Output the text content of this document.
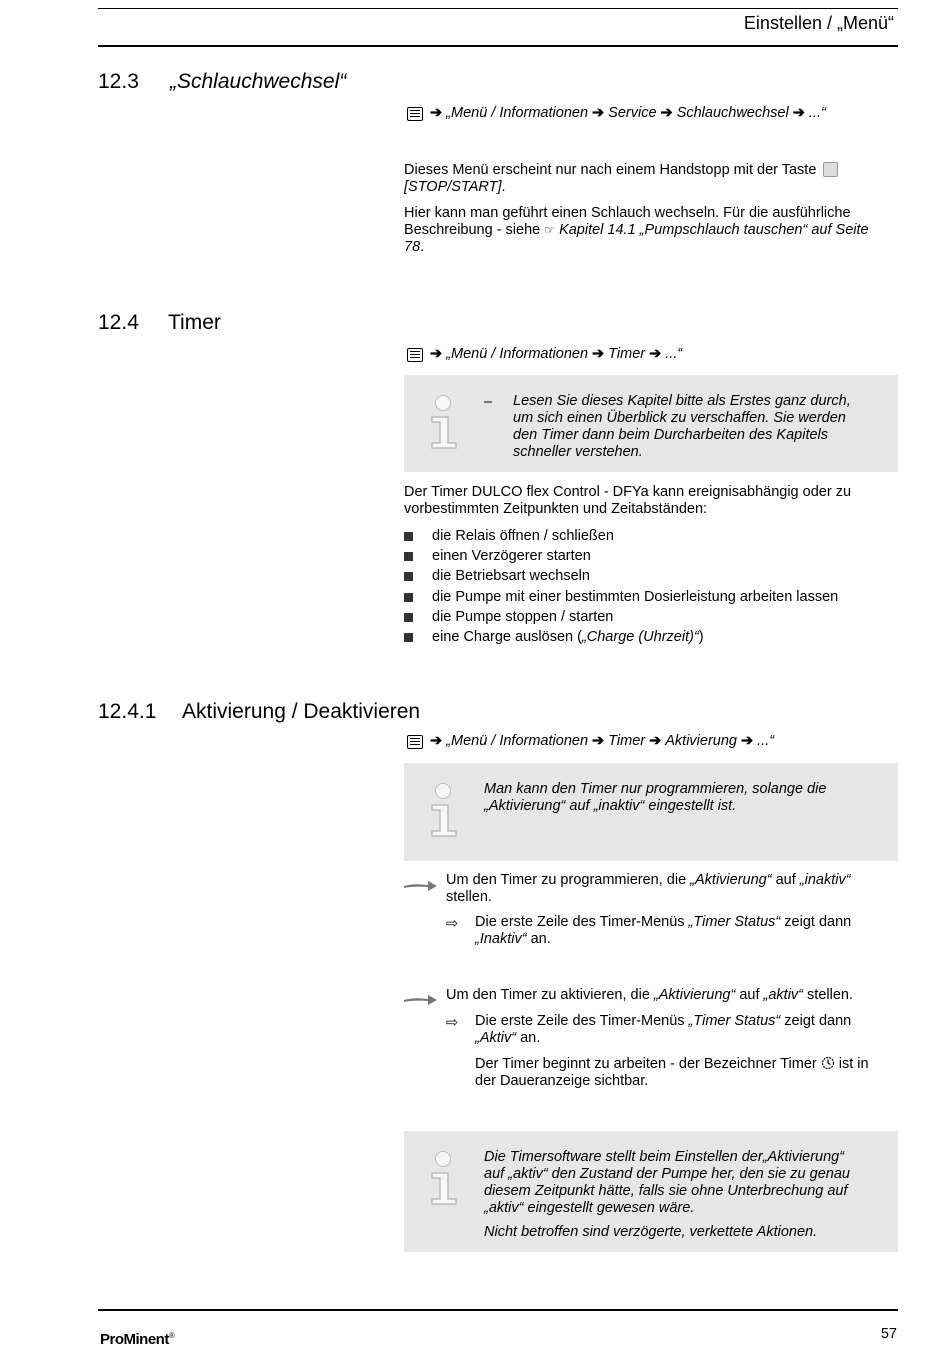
Einstellen / „Menü“
12.3 „Schlauchwechsel“
➔ „Menü / Informationen ➔ Service ➔ Schlauchwechsel ➔ ...“
Dieses Menü erscheint nur nach einem Handstopp mit der Taste
[STOP/START].
Hier kann man geführt einen Schlauch wechseln. Für die ausführliche Beschreibung - siehe ☞ Kapitel 14.1 „Pumpschlauch tauschen“ auf Seite 78.
12.4 Timer
➔ „Menü / Informationen ➔ Timer ➔ ...“
– Lesen Sie dieses Kapitel bitte als Erstes ganz durch, um sich einen Überblick zu verschaffen. Sie werden den Timer dann beim Durcharbeiten des Kapitels schneller verstehen.
Der Timer DULCO flex Control - DFYa kann ereignisabhängig oder zu vorbestimmten Zeitpunkten und Zeitabständen:
die Relais öffnen / schließen
einen Verzögerer starten
die Betriebsart wechseln
die Pumpe mit einer bestimmten Dosierleistung arbeiten lassen
die Pumpe stoppen / starten
eine Charge auslösen („Charge (Uhrzeit)“)
12.4.1 Aktivierung / Deaktivieren
➔ „Menü / Informationen ➔ Timer ➔ Aktivierung ➔ ...“
Man kann den Timer nur programmieren, solange die „Aktivierung“ auf „inaktiv“ eingestellt ist.
Um den Timer zu programmieren, die „Aktivierung“ auf „inaktiv“ stellen.
⇨ Die erste Zeile des Timer-Menüs „Timer Status“ zeigt dann
„Inaktiv“ an.
Um den Timer zu aktivieren, die „Aktivierung“ auf „aktiv“ stellen.
⇨ Die erste Zeile des Timer-Menüs „Timer Status“ zeigt dann
„Aktiv“ an.
Der Timer beginnt zu arbeiten - der Bezeichner Timer ist in der Daueranzeige sichtbar.
Die Timersoftware stellt beim Einstellen der„Aktivierung“ auf „aktiv“ den Zustand der Pumpe her, den sie zu genau diesem Zeitpunkt hätte, falls sie ohne Unterbrechung auf „aktiv“ eingestellt gewesen wäre.
Nicht betroffen sind verzögerte, verkettete Aktionen.
ProMinent®	57
